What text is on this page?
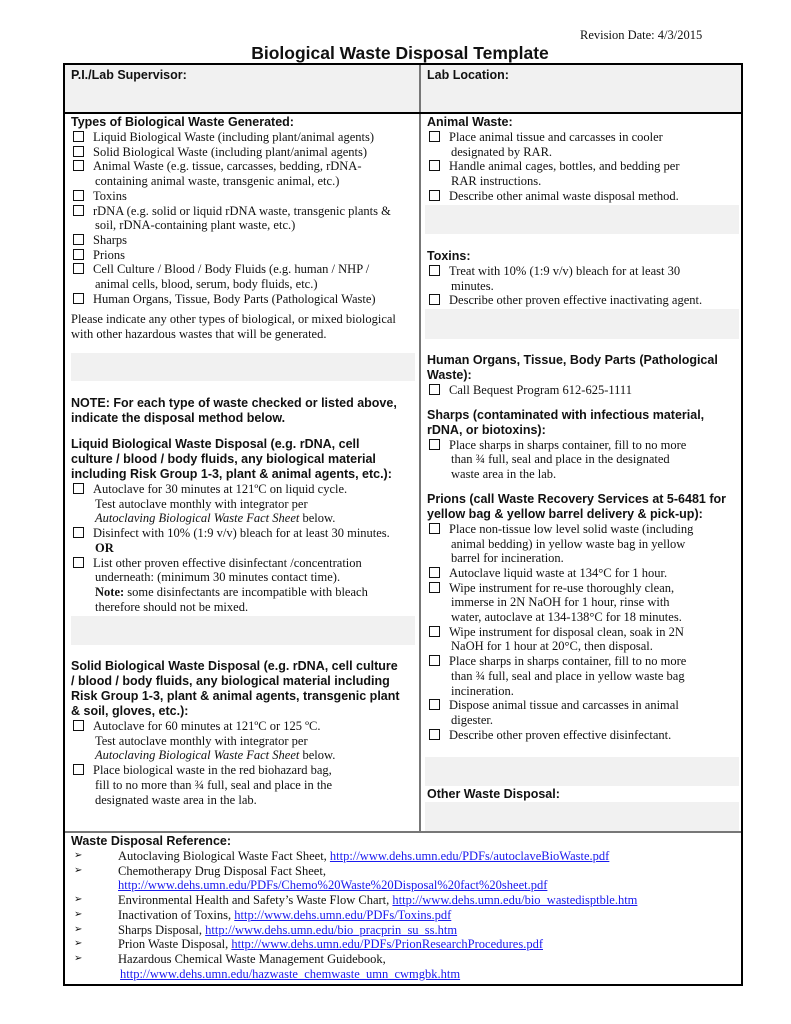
Revision Date: 4/3/2015
Biological Waste Disposal Template
P.I./Lab Supervisor:	Lab Location:
Types of Biological Waste Generated:
Liquid Biological Waste (including plant/animal agents)
Solid Biological Waste (including plant/animal agents)
Animal Waste (e.g. tissue, carcasses, bedding, rDNA-
containing animal waste, transgenic animal, etc.)
Toxins
rDNA (e.g. solid or liquid rDNA waste, transgenic plants &
soil, rDNA-containing plant waste, etc.)
Sharps
Prions
Cell Culture / Blood / Body Fluids (e.g. human / NHP /
animal cells, blood, serum, body fluids, etc.)
Human Organs, Tissue, Body Parts (Pathological Waste)
Please indicate any other types of biological, or mixed biological
with other hazardous wastes that will be generated.
NOTE: For each type of waste checked or listed above,
indicate the disposal method below.
Liquid Biological Waste Disposal (e.g. rDNA, cell
culture / blood / body fluids, any biological material
including Risk Group 1-3, plant & animal agents, etc.):
Autoclave for 30 minutes at 121ºC on liquid cycle.
Test autoclave monthly with integrator per
Autoclaving Biological Waste Fact Sheet below.
Disinfect with 10% (1:9 v/v) bleach for at least 30 minutes.
OR
List other proven effective disinfectant /concentration
underneath: (minimum 30 minutes contact time).
Note: some disinfectants are incompatible with bleach
therefore should not be mixed.
Solid Biological Waste Disposal (e.g. rDNA, cell culture
/ blood / body fluids, any biological material including
Risk Group 1-3, plant & animal agents, transgenic plant
& soil, gloves, etc.):
Autoclave for 60 minutes at 121ºC or 125 ºC.
Test autoclave monthly with integrator per
Autoclaving Biological Waste Fact Sheet below.
Place biological waste in the red biohazard bag,
fill to no more than ¾ full, seal and place in the
designated waste area in the lab.
Animal Waste:
Place animal tissue and carcasses in cooler
designated by RAR.
Handle animal cages, bottles, and bedding per
RAR instructions.
Describe other animal waste disposal method.
Toxins:
Treat with 10% (1:9 v/v) bleach for at least 30
minutes.
Describe other proven effective inactivating agent.
Human Organs, Tissue, Body Parts (Pathological
Waste):
Call Bequest Program 612-625-1111
Sharps (contaminated with infectious material,
rDNA, or biotoxins):
Place sharps in sharps container, fill to no more
than ¾ full, seal and place in the designated
waste area in the lab.
Prions (call Waste Recovery Services at 5-6481 for
yellow bag & yellow barrel delivery & pick-up):
Place non-tissue low level solid waste (including
animal bedding) in yellow waste bag in yellow
barrel for incineration.
Autoclave liquid waste at 134°C for 1 hour.
Wipe instrument for re-use thoroughly clean,
immerse in 2N NaOH for 1 hour, rinse with
water, autoclave at 134-138°C for 18 minutes.
Wipe instrument for disposal clean, soak in 2N
NaOH for 1 hour at 20°C, then disposal.
Place sharps in sharps container, fill to no more
than ¾ full, seal and place in yellow waste bag
incineration.
Dispose animal tissue and carcasses in animal
digester.
Describe other proven effective disinfectant.
Other Waste Disposal:
Waste Disposal Reference:
➢	Autoclaving Biological Waste Fact Sheet, http://www.dehs.umn.edu/PDFs/autoclaveBioWaste.pdf
➢	Chemotherapy Drug Disposal Fact Sheet,
http://www.dehs.umn.edu/PDFs/Chemo%20Waste%20Disposal%20fact%20sheet.pdf
➢	Environmental Health and Safety’s Waste Flow Chart, http://www.dehs.umn.edu/bio_wastedisptble.htm
➢	Inactivation of Toxins, http://www.dehs.umn.edu/PDFs/Toxins.pdf
➢	Sharps Disposal, http://www.dehs.umn.edu/bio_pracprin_su_ss.htm
➢	Prion Waste Disposal, http://www.dehs.umn.edu/PDFs/PrionResearchProcedures.pdf
➢	Hazardous Chemical Waste Management Guidebook,
http://www.dehs.umn.edu/hazwaste_chemwaste_umn_cwmgbk.htm
